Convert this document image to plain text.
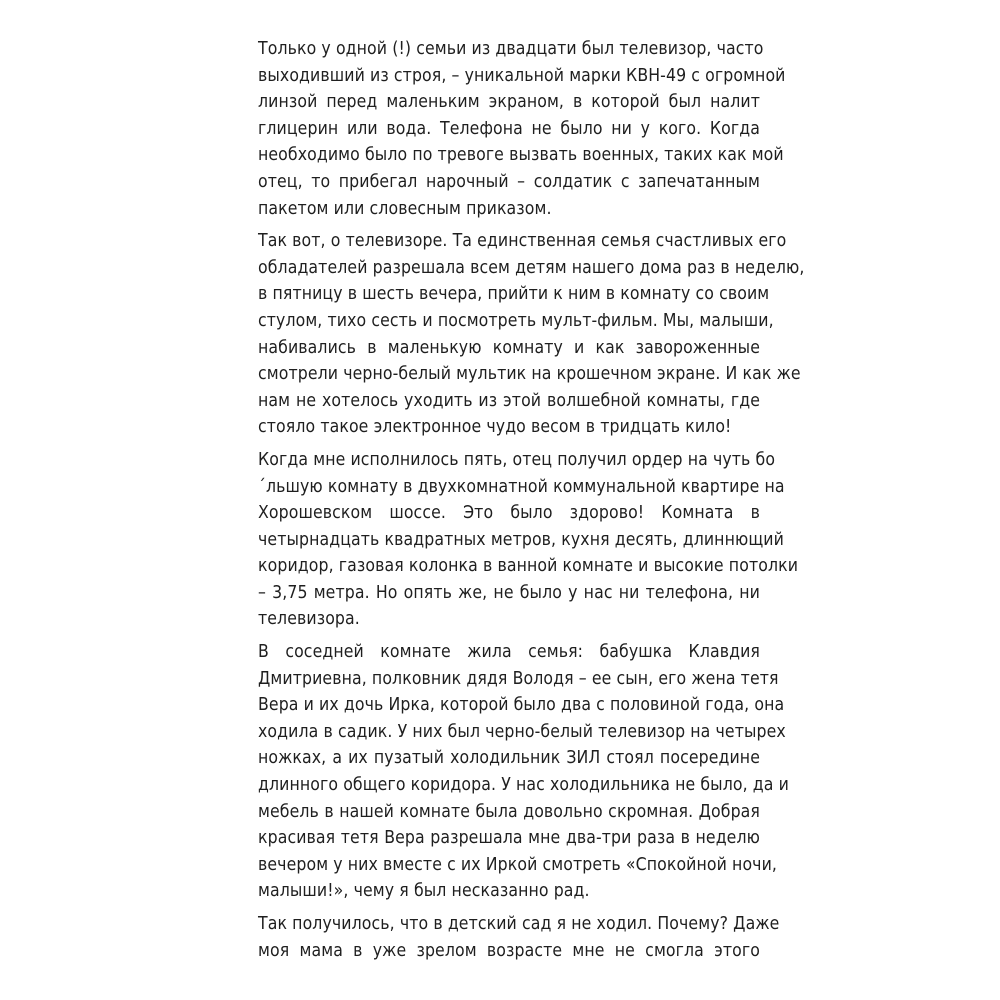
Только у одной (!) семьи из двадцати был телевизор, часто
выходивший из строя, – уникальной марки КВН-49 с огромной
линзой перед маленьким экраном, в которой был налит
глицерин или вода. Телефона не было ни у кого. Когда
необходимо было по тревоге вызвать военных, таких как мой
отец, то прибегал нарочный – солдатик с запечатанным
пакетом или словесным приказом.
Так вот, о телевизоре. Та единственная семья счастливых его
обладателей разрешала всем детям нашего дома раз в неделю,
в пятницу в шесть вечера, прийти к ним в комнату со своим
стулом, тихо сесть и посмотреть мульт-фильм. Мы, малыши,
набивались в маленькую комнату и как завороженные
смотрели черно-белый мультик на крошечном экране. И как же
нам не хотелось уходить из этой волшебной комнаты, где
стояло такое электронное чудо весом в тридцать кило!
Когда мне исполнилось пять, отец получил ордер на чуть бо
´льшую комнату в двухкомнатной коммунальной квартире на
Хорошевском шоссе. Это было здорово! Комната в
четырнадцать квадратных метров, кухня десять, длиннющий
коридор, газовая колонка в ванной комнате и высокие потолки
– 3,75 метра. Но опять же, не было у нас ни телефона, ни
телевизора.
В соседней комнате жила семья: бабушка Клавдия
Дмитриевна, полковник дядя Володя – ее сын, его жена тетя
Вера и их дочь Ирка, которой было два с половиной года, она
ходила в садик. У них был черно-белый телевизор на четырех
ножках, а их пузатый холодильник ЗИЛ стоял посередине
длинного общего коридора. У нас холодильника не было, да и
мебель в нашей комнате была довольно скромная. Добрая
красивая тетя Вера разрешала мне два-три раза в неделю
вечером у них вместе с их Иркой смотреть «Спокойной ночи,
малыши!», чему я был несказанно рад.
Так получилось, что в детский сад я не ходил. Почему? Даже
моя мама в уже зрелом возрасте мне не смогла этого
